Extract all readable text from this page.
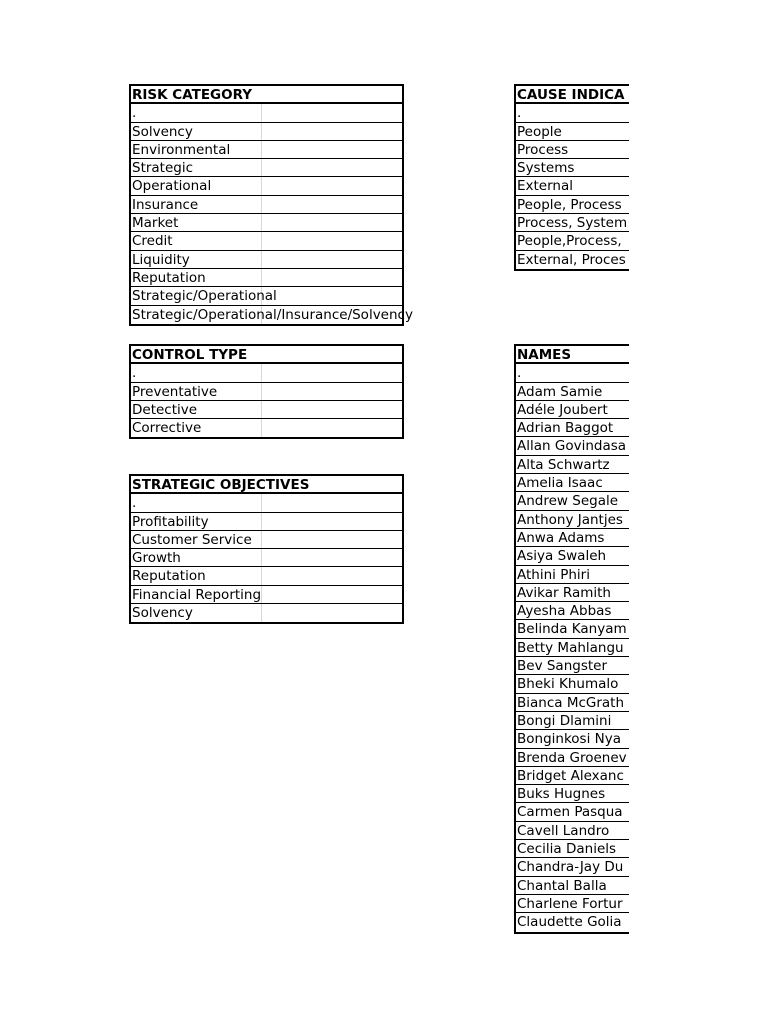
RISK CATEGORY
.
Solvency
Environmental
Strategic
Operational
Insurance
Market
Credit
Liquidity
Reputation
Strategic/Operational
Strategic/Operational/Insurance/Solvency
CAUSE INDICA
.
People
Process
Systems
External
People, Process
Process, System
People,Process,
External, Proces
CONTROL TYPE
.
Preventative
Detective
Corrective
NAMES
.
Adam Samie
Adéle Joubert
Adrian Baggot
Allan Govindasa
Alta Schwartz
Amelia Isaac
Andrew Segale
Anthony Jantjes
Anwa Adams
Asiya Swaleh
Athini Phiri
Avikar Ramith
Ayesha Abbas
Belinda Kanyam
Betty Mahlangu
Bev Sangster
Bheki Khumalo
Bianca McGrath
Bongi Dlamini
Bonginkosi Nya
Brenda Groenev
Bridget Alexanc
Buks Hugnes
Carmen Pasqua
Cavell Landro
Cecilia Daniels
Chandra-Jay Du
Chantal Balla
Charlene Fortur
Claudette Golia
STRATEGIC OBJECTIVES
.
Profitability
Customer Service
Growth
Reputation
Financial Reporting
Solvency
